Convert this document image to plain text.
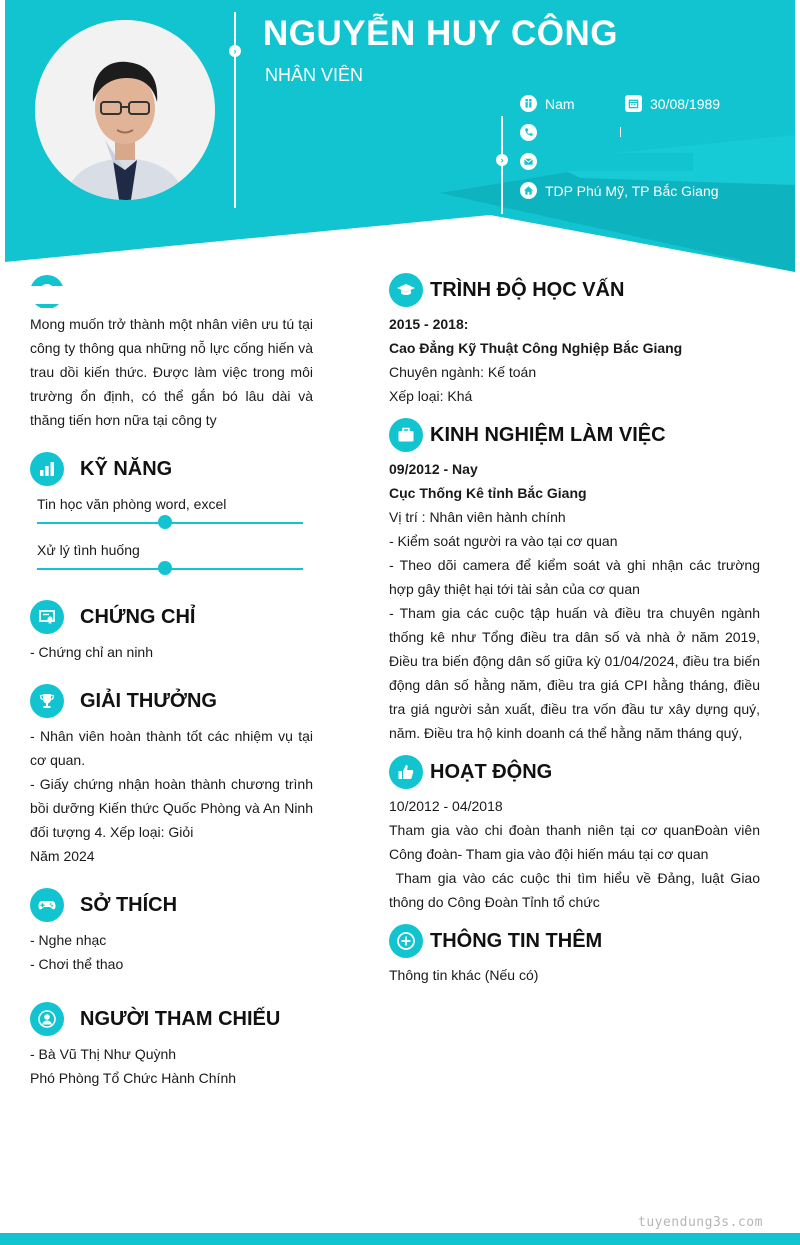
›
›
NGUYỄN HUY CÔNG
NHÂN VIÊN
Nam	30/08/1989
TDP Phú Mỹ, TP Bắc Giang

Mong muốn trở thành một nhân viên ưu tú tại công ty thông qua những nỗ lực cống hiến và trau dồi kiến thức. Được làm việc trong môi trường ổn định, có thể gắn bó lâu dài và thăng tiến hơn nữa tại công ty

KỸ NĂNG
Tin học văn phòng word, excel
Xử lý tình huống
CHỨNG CHỈ

- Chứng chỉ an ninh

GIẢI THƯỞNG

- Nhân viên hoàn thành tốt các nhiệm vụ tại cơ quan.

- Giấy chứng nhận hoàn thành chương trình bồi dưỡng Kiến thức Quốc Phòng và An Ninh đối tượng 4. Xếp loại: Giỏi

Năm 2024

SỞ THÍCH

- Nghe nhạc

- Chơi thể thao

NGƯỜI THAM CHIẾU

- Bà Vũ Thị Như Quỳnh

Phó Phòng Tổ Chức Hành Chính

TRÌNH ĐỘ HỌC VẤN

2015 - 2018:

Cao Đẳng Kỹ Thuật Công Nghiệp Bắc Giang

Chuyên ngành: Kế toán

Xếp loại: Khá

KINH NGHIỆM LÀM VIỆC

09/2012 - Nay

Cục Thống Kê tỉnh Bắc Giang

Vị trí : Nhân viên hành chính

- Kiểm soát người ra vào tại cơ quan

- Theo dõi camera để kiểm soát và ghi nhận các trường hợp gây thiệt hại tới tài sản của cơ quan

- Tham gia các cuộc tập huấn và điều tra chuyên ngành thống kê như Tổng điều tra dân số và nhà ở năm 2019, Điều tra biến động dân số giữa kỳ 01/04/2024, điều tra biến động dân số hằng năm, điều tra giá CPI hằng tháng, điều tra giá người sản xuất, điều tra vốn đầu tư xây dựng quý, năm. Điều tra hộ kinh doanh cá thể hằng năm tháng quý,

HOẠT ĐỘNG

10/2012 - 04/2018

Tham gia vào chi đoàn thanh niên tại cơ quanĐoàn viên Công đoàn- Tham gia vào đội hiến máu tại cơ quan

Tham gia vào các cuộc thi tìm hiểu về Đảng, luật Giao thông do Công Đoàn Tỉnh tổ chức

THÔNG TIN THÊM

Thông tin khác (Nếu có)

tuyendung3s.com
